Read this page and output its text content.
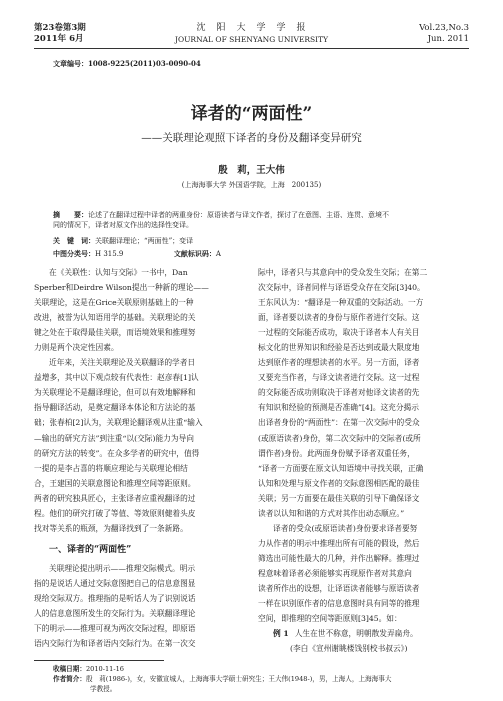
第23卷第3期
2011年 6月
沈　阳　大　学　学　报
JOURNAL OF SHENYANG UNIVERSITY
Vol.23,No.3
Jun. 2011
文章编号：1008-9225(2011)03-0090-04
译者的“两面性”
——关联理论观照下译者的身份及翻译变异研究
殷　莉，王大伟
(上海海事大学 外国语学院，上海　200135)
摘　　要：论述了在翻译过程中译者的两重身份：原语读者与译文作者，探讨了在意图、主语、连贯、意境不
同的情况下，译者对原文作出的选择性变译。
关　键　词：关联翻译理论；“两面性”；变译
中图分类号：H 315.9	文献标识码：A
在《关联性：认知与交际》一书中，Dan
Sperber和Deirdre Wilson提出一种新的理论——
关联理论，这是在Grice关联原则基础上的一种
改进，被誉为认知语用学的基础。关联理论的关
键之处在于取得最佳关联，而语境效果和推理努
力则是两个决定性因素。
近年来，关注关联理论及关联翻译的学者日
益增多，其中以下观点较有代表性：赵彦春[1]认
为关联理论不是翻译理论，但可以有效地解释和
指导翻译活动，是奠定翻译本体论和方法论的基
础；张春柏[2]认为，关联理论翻译观从注重“输入
—输出的研究方法”到注重“以(交际)能力为导向
的研究方法的转变”。在众多学者的研究中，值得
一提的是李占喜的将顺应理论与关联理论相结
合，王建国的关联意图论和推理空间等距原则。
两者的研究独具匠心，主张译者应重视翻译的过
程。他们的研究打破了等值、等效原则健着头皮
找对等关系的瓶颈，为翻译找到了一条新路。
一、译者的“两面性”
关联理论提出明示——推理交际模式。明示
指的是说话人通过交际意图把自己的信息意图显
现给交际双方。推理指的是听话人为了识别说话
人的信息意图所发生的交际行为。关联翻译理论
下的明示——推理可视为两次交际过程，即原语
语内交际行为和译者语内交际行为。在第一次交
际中，译者只与其意向中的受众发生交际；在第二
次交际中，译者同样与译语受众存在交际[3]40。
王东风认为：“翻译是一种双重的交际活动。一方
面，译者要以读者的身份与原作者进行交际。这
一过程的交际能否成功，取决于译者本人有关目
标文化的世界知识和经验是否达到或最大限度地
达到原作者的理想读者的水平。另一方面，译者
又要充当作者，与译文读者进行交际。这一过程
的交际能否成功则取决于译者对他译文读者的先
有知识和经验的预测是否准确”[4]。这充分揭示
出译者身份的“两面性”：在第一次交际中的受众
(或原语读者)身份，第二次交际中的交际者(或所
谓作者)身份。此两面身份赋予译者双重任务，
“译者一方面要在原文认知语境中寻找关联，正确
认知和处理与原文作者的交际意图相匹配的最佳
关联；另一方面要在最佳关联的引导下确保译文
读者以认知和谐的方式对其作出动态顺应。”
译者的受众(或原语读者)身份要求译者要努
力从作者的明示中推理出所有可能的假设，然后
筛选出可能性最大的几种，并作出解释。推理过
程意味着译者必须能够实再现原作者对其意向
读者所作出的设想，让译语读者能够与原语读者
一样在识别原作者的信息意图时具有同等的推理
空间，即推理的空间等距原则[3]45。如：
例 1 人生在世不称意，明朝散发弄扁舟。
(李白《宣州谢眺楼饯别校书叔云》)
收稿日期：2010-11-16
作者简介：殷　莉(1986-)，女，安徽宣城人，上海海事大学硕士研究生；王大伟(1948-)，男，上海人，上海海事大
学教授。
